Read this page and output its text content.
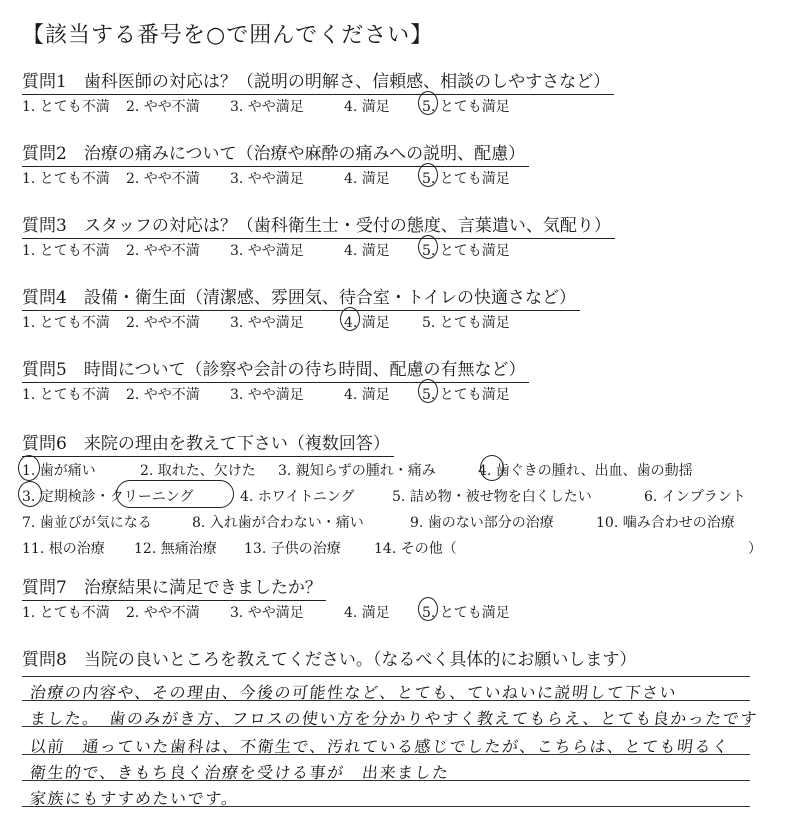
【該当する番号を○で囲んでください】
質問1　歯科医師の対応は？（説明の明解さ、信頼感、相談のしやすさなど）
1. とても不満 2. やや不満 3. やや満足	4. 満足 5. とても満足
質問2　治療の痛みについて（治療や麻酔の痛みへの説明、配慮）
1. とても不満 2. やや不満 3. やや満足	4. 満足 5. とても満足
質問3　スタッフの対応は？（歯科衛生士・受付の態度、言葉遣い、気配り）
1. とても不満 2. やや不満 3. やや満足	4. 満足 5. とても満足
質問4　設備・衛生面（清潔感、雰囲気、待合室・トイレの快適さなど）
1. とても不満 2. やや不満 3. やや満足	4. 満足 5. とても満足
質問5　時間について（診察や会計の待ち時間、配慮の有無など）
1. とても不満 2. やや不満 3. やや満足	4. 満足 5. とても満足
質問6　来院の理由を教えて下さい（複数回答）
1. 歯が痛い	2. 取れた、欠けた 3. 親知らずの腫れ・痛み	4. 歯ぐきの腫れ、出血、歯の動揺
3. 定期検診・クリーニング	4. ホワイトニング	5. 詰め物・被せ物を白くしたい	6. インプラント
7. 歯並びが気になる	8. 入れ歯が合わない・痛い	9. 歯のない部分の治療	10. 噛み合わせの治療
11. 根の治療 12. 無痛治療 13. 子供の治療 14. その他（	）
質問7　治療結果に満足できましたか？
1. とても不満 2. やや不満 3. やや満足	4. 満足 5. とても満足
質問8　当院の良いところを教えてください。（なるべく具体的にお願いします）
治療の内容や、その理由、今後の可能性など、とても、ていねいに説明して下さい
ました。　歯のみがき方、フロスの使い方を分かりやすく教えてもらえ、とても良かったです
以前　通っていた歯科は、不衛生で、汚れている感じでしたが、こちらは、とても明るく
衛生的で、きもち良く治療を受ける事が　出来ました
家族にもすすめたいです。
